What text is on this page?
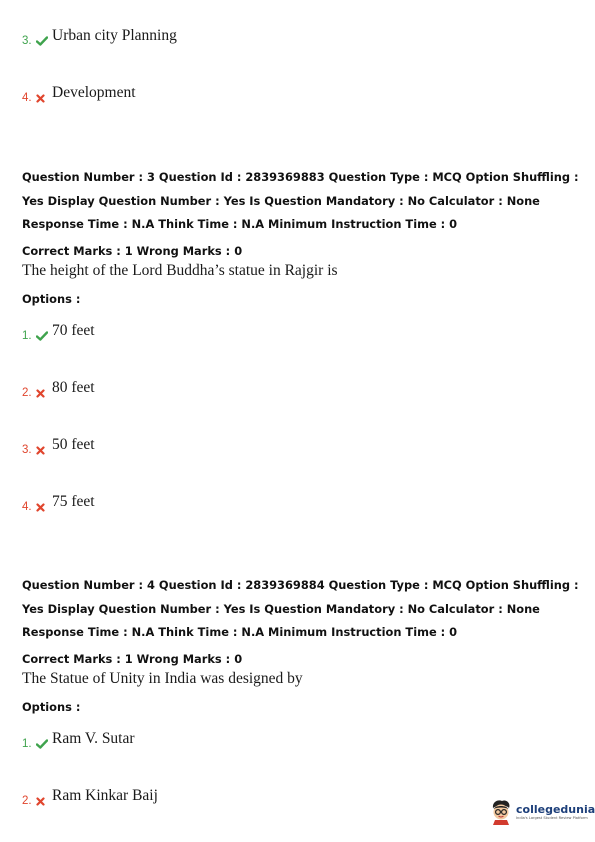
3. Urban city Planning
4. Development
Question Number : 3 Question Id : 2839369883 Question Type : MCQ Option Shuffling : Yes Display Question Number : Yes Is Question Mandatory : No Calculator : None Response Time : N.A Think Time : N.A Minimum Instruction Time : 0
Correct Marks : 1 Wrong Marks : 0
The height of the Lord Buddha’s statue in Rajgir is
Options :
1. 70 feet
2. 80 feet
3. 50 feet
4. 75 feet
Question Number : 4 Question Id : 2839369884 Question Type : MCQ Option Shuffling : Yes Display Question Number : Yes Is Question Mandatory : No Calculator : None Response Time : N.A Think Time : N.A Minimum Instruction Time : 0
Correct Marks : 1 Wrong Marks : 0
The Statue of Unity in India was designed by
Options :
1. Ram V. Sutar
2. Ram Kinkar Baij
collegedunia
India's Largest Student Review Platform
